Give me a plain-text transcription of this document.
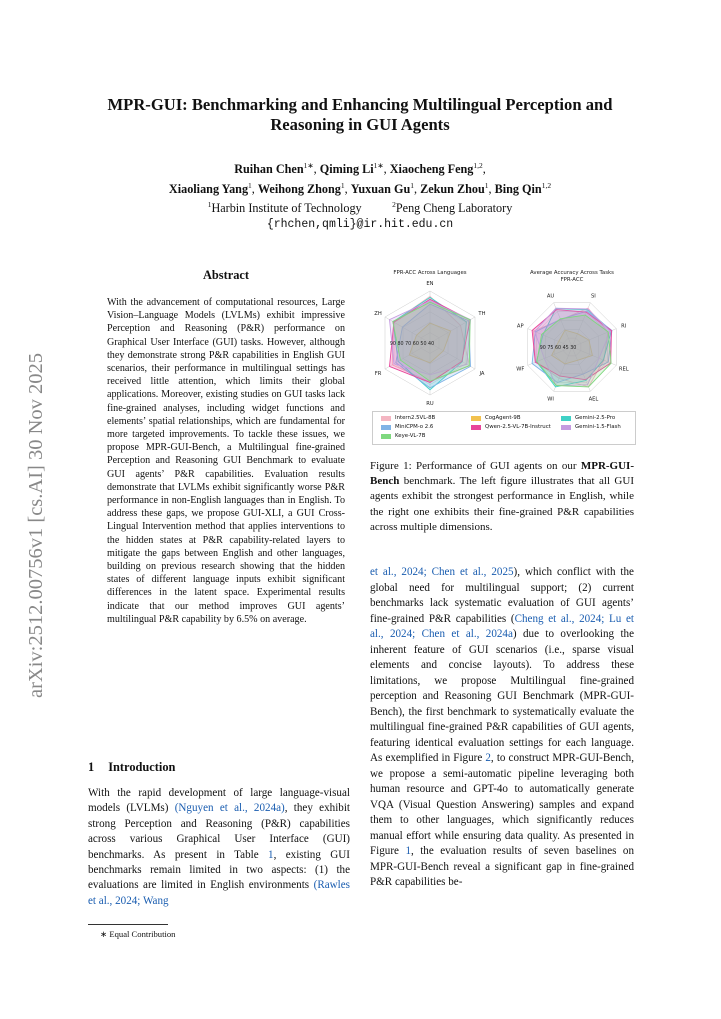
arXiv:2512.00756v1 [cs.AI] 30 Nov 2025
MPR-GUI: Benchmarking and Enhancing Multilingual Perception and Reasoning in GUI Agents
Ruihan Chen$^{1∗}$, Qiming $Li^{1∗}$, Xiaocheng Feng$^{1,2}$,
Xiaoliang Yang$^1$, Weihong Zhong$^1$, Yuxuan Gu$^1$, Zekun Zhou$^1$, Bing Qin$^{1,2}$
$^1$Harbin Institute of Technology	$^2$Peng Cheng Laboratory
{rhchen,qmli}@ir.hit.edu.cn
Abstract
With the advancement of computational resources, Large Vision–Language Models (LVLMs) exhibit impressive Perception and Reasoning (P&R) performance on Graphical User Interface (GUI) tasks. However, although they demonstrate strong P&R capabilities in English GUI scenarios, their performance in multilingual settings has received little attention, which limits their global applications. Moreover, existing studies on GUI tasks lack fine-grained analyses, including widget functions and elements’ spatial relationships, which are fundamental for more targeted improvements. To tackle these issues, we propose MPR-GUI-Bench, a Multilingual fine-grained Perception and Reasoning GUI Benchmark to evaluate GUI agents’ P&R capabilities. Evaluation results demonstrate that LVLMs exhibit significantly worse P&R performance in non-English languages than in English. To address these gaps, we propose GUI-XLI, a GUI Cross-Lingual Intervention method that applies interventions to the hidden states at P&R capability-related layers to mitigate the gaps between English and other languages, building on previous research showing that the hidden states of different language inputs exhibit significant differences in the latent space. Experimental results indicate that our method improves GUI agents’ multilingual P&R capability by 6.5% on average.
1 Introduction
With the rapid development of large language-visual models (LVLMs) (Nguyen et al., 2024a), they exhibit strong Perception and Reasoning (P&R) capabilities across various Graphical User Interface (GUI) benchmarks. As present in Table 1, existing GUI benchmarks remain limited in two aspects: (1) the evaluations are limited in English environments (Rawles et al., 2024; Wang
∗ Equal Contribution
FPR-ACC Across Languages	Average Accuracy Across Tasks
FPR-ACC
EN
TH
JA
RU
FR
ZH
SI
RI
REL
AEL
WI
WF
AP
AU
90 80 70 60 50 40
90 75 60 45 30
Intern2.5VL-8B	CogAgent-9B	Gemini-2.5-Pro
MiniCPM-o 2.6	Qwen-2.5-VL-7B-Instruct	Gemini-1.5-Flash
Keye-VL-7B
Figure 1: Performance of GUI agents on our MPR-GUI-Bench benchmark. The left figure illustrates that all GUI agents exhibit the strongest performance in English, while the right one exhibits their fine-grained P&R capabilities across multiple dimensions.
et al., 2024; Chen et al., 2025), which conflict with the global need for multilingual support; (2) current benchmarks lack systematic evaluation of GUI agents’ fine-grained P&R capabilities (Cheng et al., 2024; Lu et al., 2024; Chen et al., 2024a) due to overlooking the inherent feature of GUI scenarios (i.e., sparse visual elements and concise layouts). To address these limitations, we propose Multilingual fine-grained perception and Reasoning GUI Benchmark (MPR-GUI-Bench), the first benchmark to systematically evaluate the multilingual fine-grained P&R capabilities of GUI agents, featuring identical evaluation settings for each language. As exemplified in Figure 2, to construct MPR-GUI-Bench, we propose a semi-automatic pipeline leveraging both human resource and GPT-4o to automatically generate VQA (Visual Question Answering) samples and expand them to other languages, which significantly reduces manual effort while ensuring data quality. As presented in Figure 1, the evaluation results of seven baselines on MPR-GUI-Bench reveal a significant gap in fine-grained P&R capabilities be-
